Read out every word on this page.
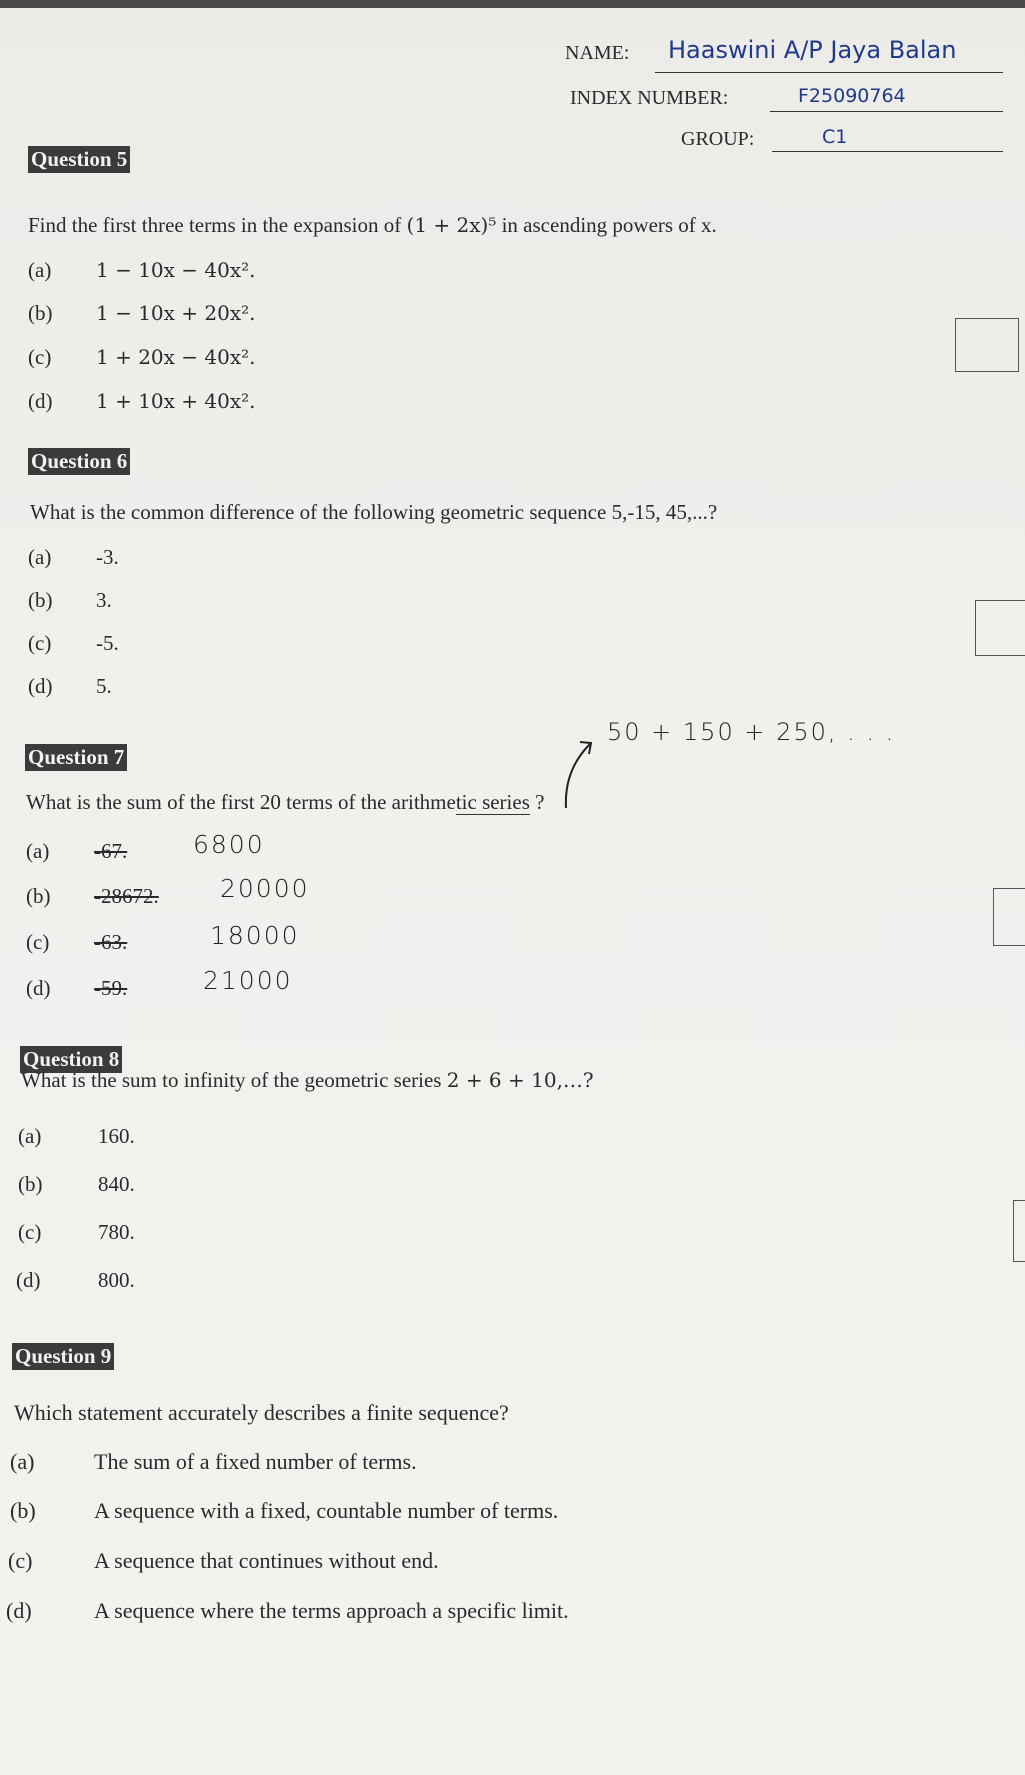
NAME: Haaswini A/P Jaya Balan
INDEX NUMBER:	F25090764
GROUP:	C1
Question 5
Find the first three terms in the expansion of (1 + 2x)⁵ in ascending powers of x.
(a) 1 − 10x − 40x².
(b) 1 − 10x + 20x².
(c) 1 + 20x − 40x².
(d) 1 + 10x + 40x².
Question 6
What is the common difference of the following geometric sequence 5,-15, 45,...?
(a) -3.
(b) 3.
(c) -5.
(d) 5.
Question 7
50 + 150 + 250, . . .
What is the sum of the first 20 terms of the arithmetic series ?
(a) -67.	6800
(b) -28672. 20000
(c) -63.	18000
(d) -59.	21000
Question 8
What is the sum to infinity of the geometric series 2 + 6 + 10,…?
(a)	160.
(b)	840.
(c)	780.
(d)	800.
Question 9
Which statement accurately describes a finite sequence?
(a)	The sum of a fixed number of terms.
(b)	A sequence with a fixed, countable number of terms.
(c)	A sequence that continues without end.
(d)	A sequence where the terms approach a specific limit.
